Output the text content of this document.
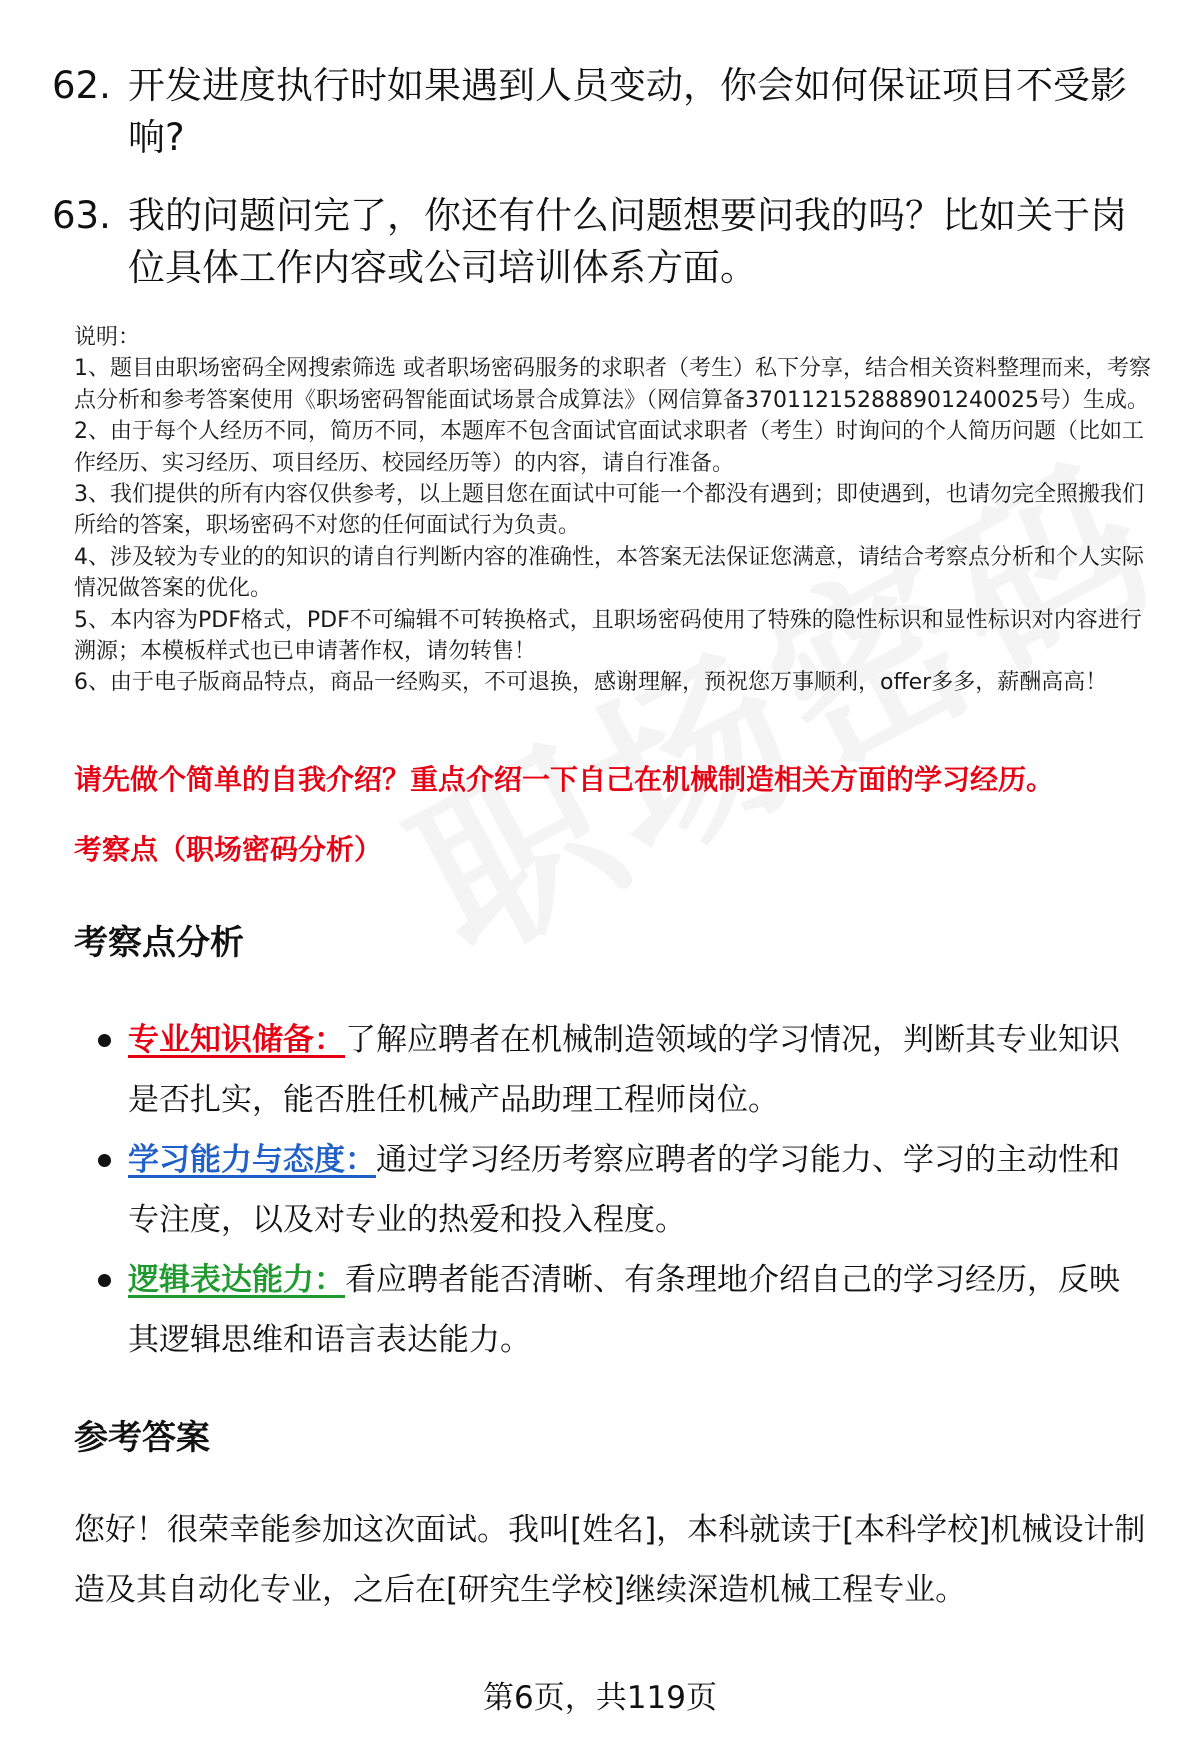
62. 开发进度执行时如果遇到人员变动，你会如何保证项目不受影响?
63. 我的问题问完了，你还有什么问题想要问我的吗？比如关于岗位具体工作内容或公司培训体系方面。
说明：
1、题目由职场密码全网搜索筛选 或者职场密码服务的求职者（考生）私下分享，结合相关资料整理而来，考察点分析和参考答案使用《职场密码智能面试场景合成算法》（网信算备370112152888901240025号）生成。
2、由于每个人经历不同，简历不同，本题库不包含面试官面试求职者（考生）时询问的个人简历问题（比如工作经历、实习经历、项目经历、校园经历等）的内容，请自行准备。
3、我们提供的所有内容仅供参考，以上题目您在面试中可能一个都没有遇到；即使遇到，也请勿完全照搬我们所给的答案，职场密码不对您的任何面试行为负责。
4、涉及较为专业的的知识的请自行判断内容的准确性，本答案无法保证您满意，请结合考察点分析和个人实际情况做答案的优化。
5、本内容为PDF格式，PDF不可编辑不可转换格式，且职场密码使用了特殊的隐性标识和显性标识对内容进行溯源；本模板样式也已申请著作权，请勿转售！
6、由于电子版商品特点，商品一经购买，不可退换，感谢理解，预祝您万事顺利，offer多多，薪酬高高！
请先做个简单的自我介绍？重点介绍一下自己在机械制造相关方面的学习经历。
考察点（职场密码分析）
考察点分析
专业知识储备：了解应聘者在机械制造领域的学习情况，判断其专业知识是否扎实，能否胜任机械产品助理工程师岗位。
学习能力与态度：通过学习经历考察应聘者的学习能力、学习的主动性和专注度，以及对专业的热爱和投入程度。
逻辑表达能力：看应聘者能否清晰、有条理地介绍自己的学习经历，反映其逻辑思维和语言表达能力。
参考答案
您好！很荣幸能参加这次面试。我叫[姓名]，本科就读于[本科学校]机械设计制造及其自动化专业，之后在[研究生学校]继续深造机械工程专业。
第6页，共119页
